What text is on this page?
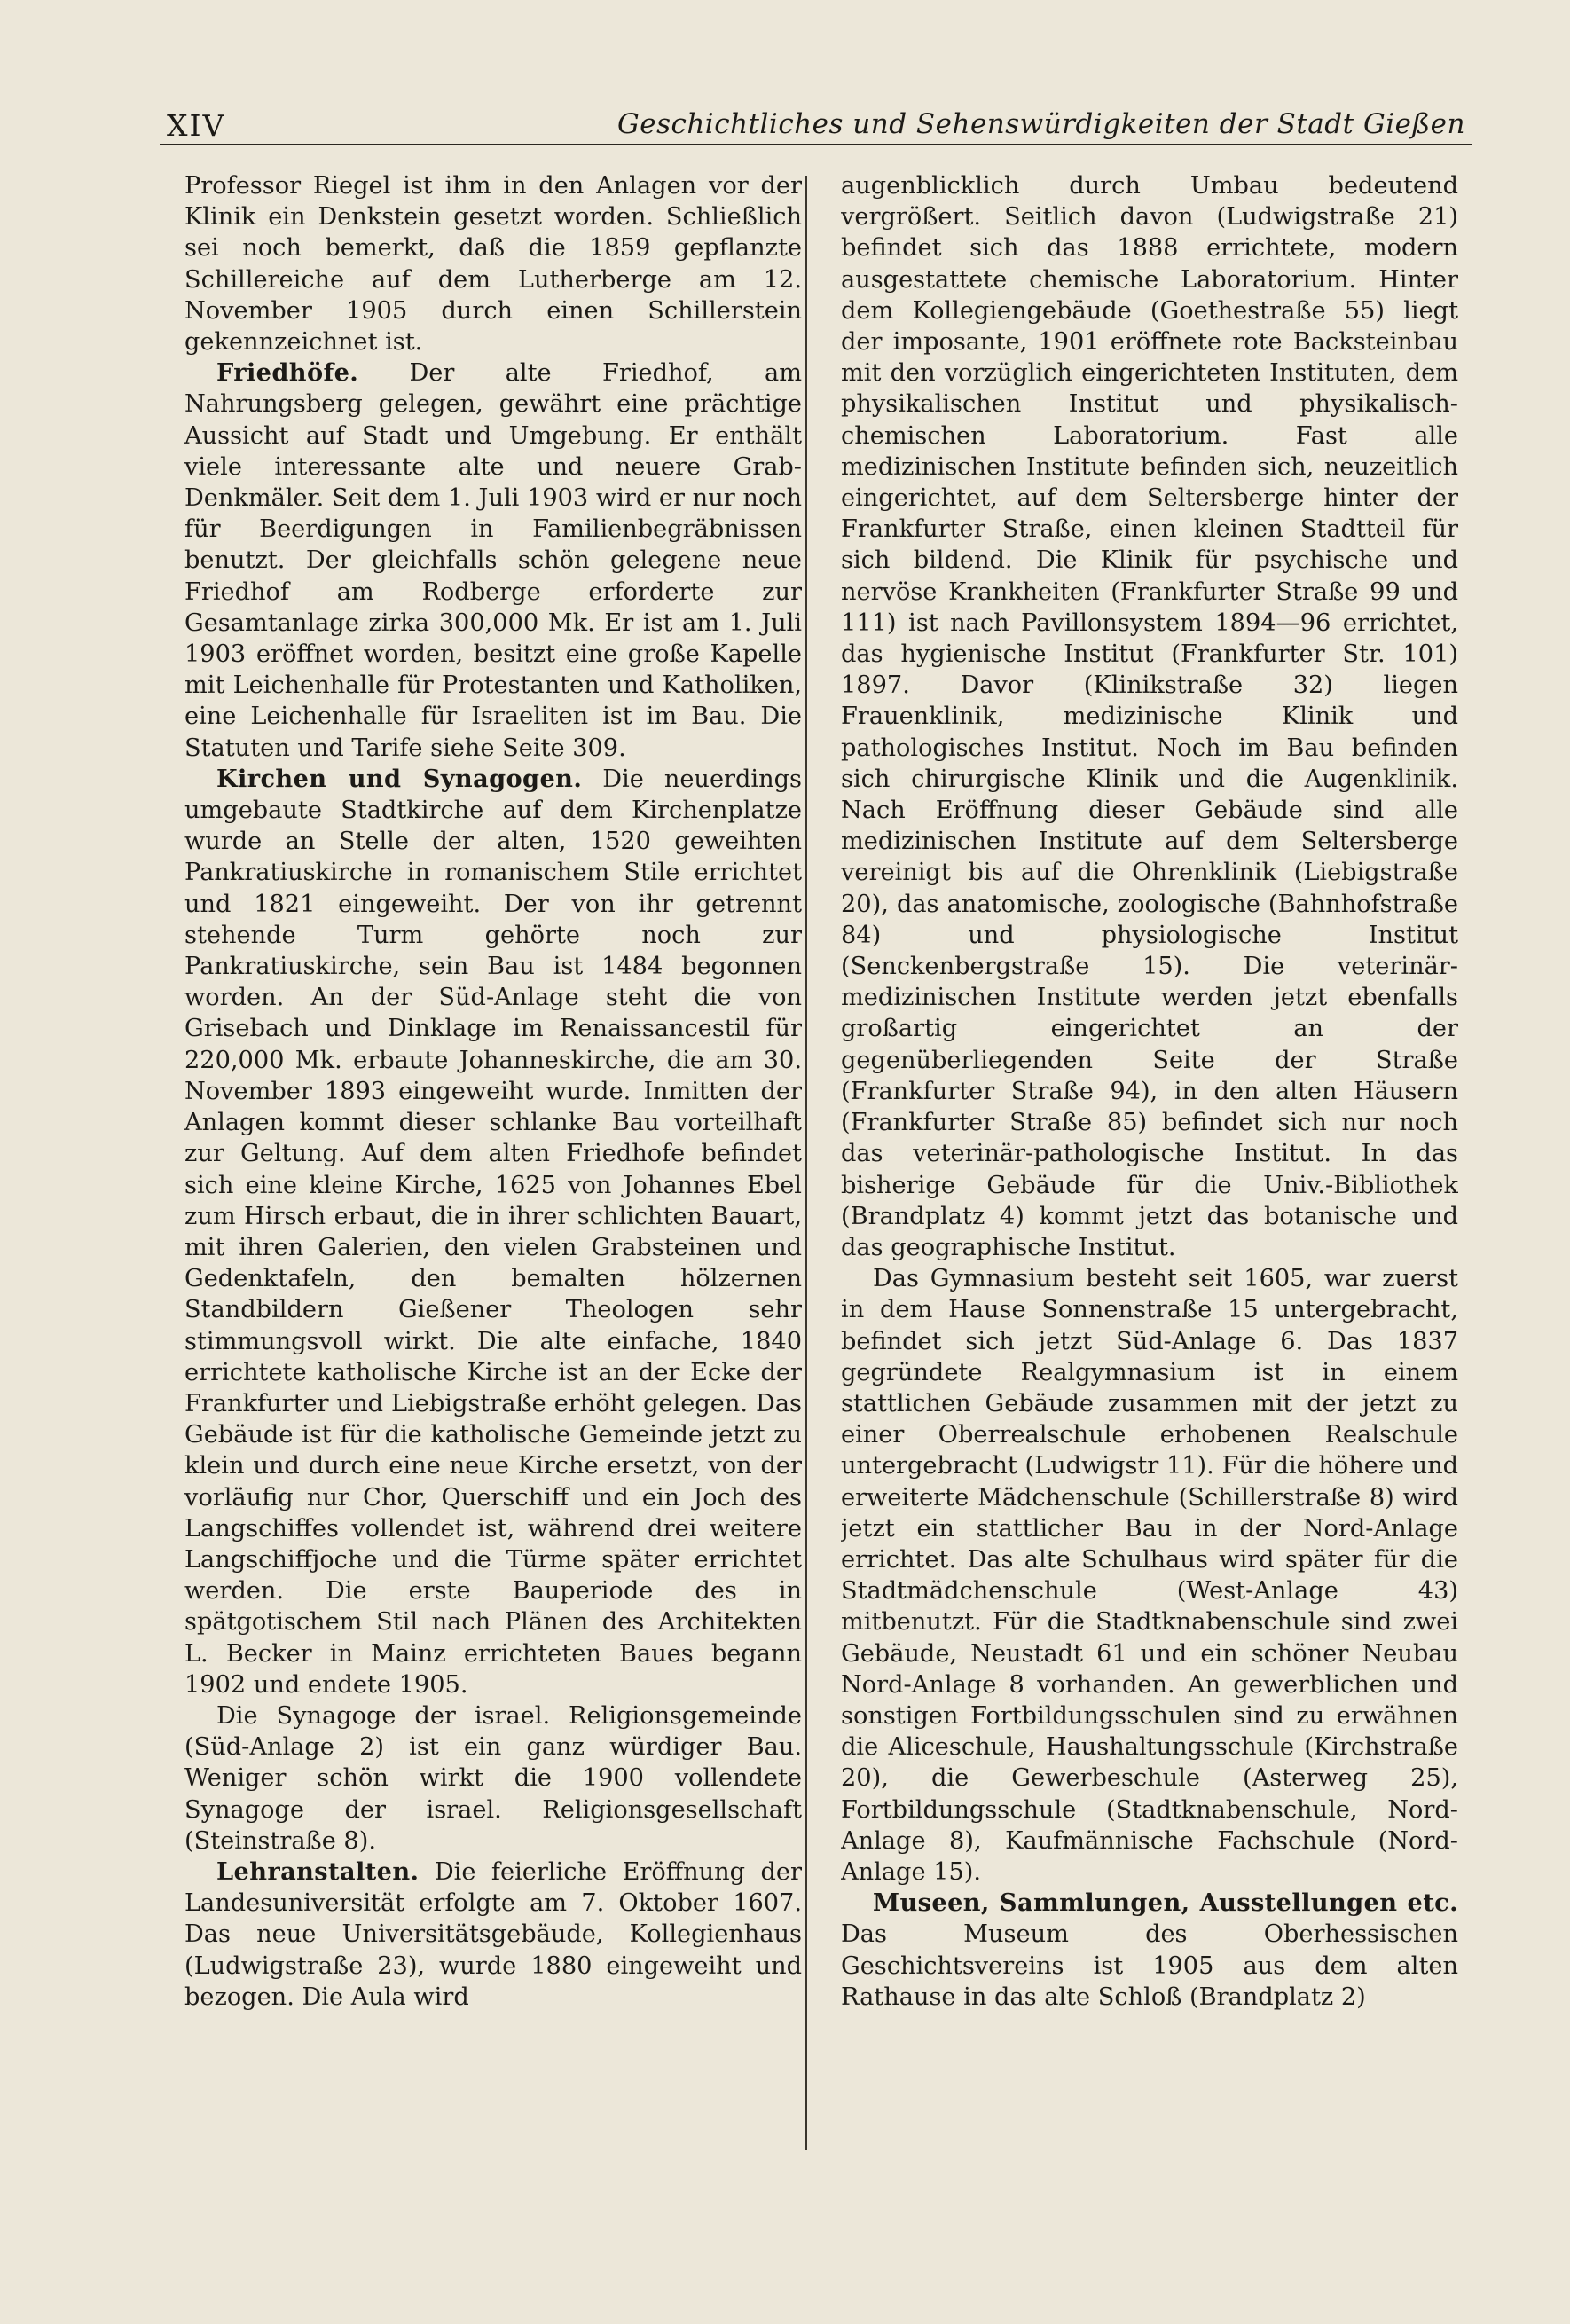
XIV	Geschichtliches und Sehenswürdigkeiten der Stadt Gießen

Professor Riegel ist ihm in den Anlagen vor der Klinik ein Denkstein gesetzt worden. Schließlich sei noch bemerkt, daß die 1859 gepflanzte Schillereiche auf dem Lutherberge am 12. November 1905 durch einen Schillerstein gekennzeichnet ist.

Friedhöfe. Der alte Friedhof, am Nahrungsberg gelegen, gewährt eine prächtige Aussicht auf Stadt und Umgebung. Er enthält viele interessante alte und neuere Grab-Denkmäler. Seit dem 1. Juli 1903 wird er nur noch für Beerdigungen in Familienbegräbnissen benutzt. Der gleichfalls schön gelegene neue Friedhof am Rodberge erforderte zur Gesamtanlage zirka 300,000 Mk. Er ist am 1. Juli 1903 eröffnet worden, besitzt eine große Kapelle mit Leichenhalle für Protestanten und Katholiken, eine Leichenhalle für Israeliten ist im Bau. Die Statuten und Tarife siehe Seite 309.

Kirchen und Synagogen. Die neuerdings umgebaute Stadtkirche auf dem Kirchenplatze wurde an Stelle der alten, 1520 geweihten Pankratiuskirche in romanischem Stile errichtet und 1821 eingeweiht. Der von ihr getrennt stehende Turm gehörte noch zur Pankratiuskirche, sein Bau ist 1484 begonnen worden. An der Süd-Anlage steht die von Grisebach und Dinklage im Renaissancestil für 220,000 Mk. erbaute Johanneskirche, die am 30. November 1893 eingeweiht wurde. Inmitten der Anlagen kommt dieser schlanke Bau vorteilhaft zur Geltung. Auf dem alten Friedhofe befindet sich eine kleine Kirche, 1625 von Johannes Ebel zum Hirsch erbaut, die in ihrer schlichten Bauart, mit ihren Galerien, den vielen Grabsteinen und Gedenktafeln, den bemalten hölzernen Standbildern Gießener Theologen sehr stimmungsvoll wirkt. Die alte einfache, 1840 errichtete katholische Kirche ist an der Ecke der Frankfurter und Liebigstraße erhöht gelegen. Das Gebäude ist für die katholische Gemeinde jetzt zu klein und durch eine neue Kirche ersetzt, von der vorläufig nur Chor, Querschiff und ein Joch des Langschiffes vollendet ist, während drei weitere Langschiffjoche und die Türme später errichtet werden. Die erste Bauperiode des in spätgotischem Stil nach Plänen des Architekten L. Becker in Mainz errichteten Baues begann 1902 und endete 1905.

Die Synagoge der israel. Religionsgemeinde (Süd-Anlage 2) ist ein ganz würdiger Bau. Weniger schön wirkt die 1900 vollendete Synagoge der israel. Religionsgesellschaft (Steinstraße 8).

Lehranstalten. Die feierliche Eröffnung der Landesuniversität erfolgte am 7. Oktober 1607. Das neue Universitätsgebäude, Kollegienhaus (Ludwigstraße 23), wurde 1880 eingeweiht und bezogen. Die Aula wird

augenblicklich durch Umbau bedeutend vergrößert. Seitlich davon (Ludwigstraße 21) befindet sich das 1888 errichtete, modern ausgestattete chemische Laboratorium. Hinter dem Kollegiengebäude (Goethestraße 55) liegt der imposante, 1901 eröffnete rote Backsteinbau mit den vorzüglich eingerichteten Instituten, dem physikalischen Institut und physikalisch-chemischen Laboratorium. Fast alle medizinischen Institute befinden sich, neuzeitlich eingerichtet, auf dem Seltersberge hinter der Frankfurter Straße, einen kleinen Stadtteil für sich bildend. Die Klinik für psychische und nervöse Krankheiten (Frankfurter Straße 99 und 111) ist nach Pavillonsystem 1894—96 errichtet, das hygienische Institut (Frankfurter Str. 101) 1897. Davor (Klinikstraße 32) liegen Frauenklinik, medizinische Klinik und pathologisches Institut. Noch im Bau befinden sich chirurgische Klinik und die Augenklinik. Nach Eröffnung dieser Gebäude sind alle medizinischen Institute auf dem Seltersberge vereinigt bis auf die Ohrenklinik (Liebigstraße 20), das anatomische, zoologische (Bahnhofstraße 84) und physiologische Institut (Senckenbergstraße 15). Die veterinär-medizinischen Institute werden jetzt ebenfalls großartig eingerichtet an der gegenüberliegenden Seite der Straße (Frankfurter Straße 94), in den alten Häusern (Frankfurter Straße 85) befindet sich nur noch das veterinär-pathologische Institut. In das bisherige Gebäude für die Univ.-Bibliothek (Brandplatz 4) kommt jetzt das botanische und das geographische Institut.

Das Gymnasium besteht seit 1605, war zuerst in dem Hause Sonnenstraße 15 untergebracht, befindet sich jetzt Süd-Anlage 6. Das 1837 gegründete Realgymnasium ist in einem stattlichen Gebäude zusammen mit der jetzt zu einer Oberrealschule erhobenen Realschule untergebracht (Ludwigstr 11). Für die höhere und erweiterte Mädchenschule (Schillerstraße 8) wird jetzt ein stattlicher Bau in der Nord-Anlage errichtet. Das alte Schulhaus wird später für die Stadtmädchenschule (West-Anlage 43) mitbenutzt. Für die Stadtknabenschule sind zwei Gebäude, Neustadt 61 und ein schöner Neubau Nord-Anlage 8 vorhanden. An gewerblichen und sonstigen Fortbildungsschulen sind zu erwähnen die Aliceschule, Haushaltungsschule (Kirchstraße 20), die Gewerbeschule (Asterweg 25), Fortbildungsschule (Stadtknabenschule, Nord-Anlage 8), Kaufmännische Fachschule (Nord-Anlage 15).

Museen, Sammlungen, Ausstellungen etc. Das Museum des Oberhessischen Geschichtsvereins ist 1905 aus dem alten Rathause in das alte Schloß (Brandplatz 2)
